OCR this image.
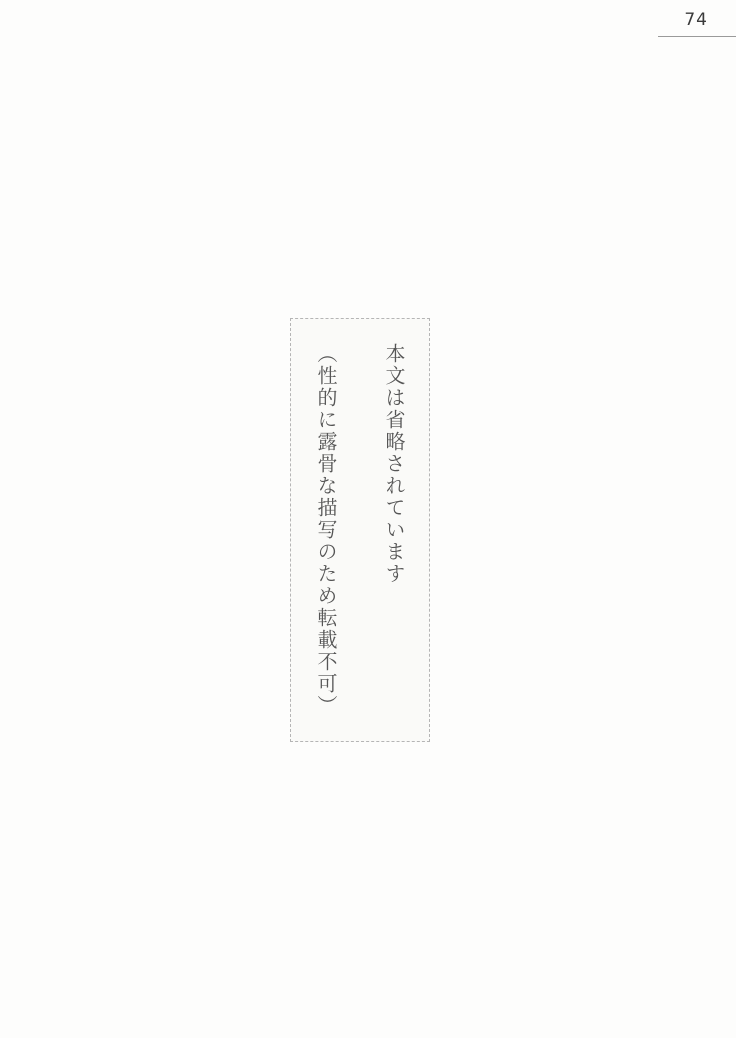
74
本文は省略されています

（性的に露骨な描写のため転載不可）
